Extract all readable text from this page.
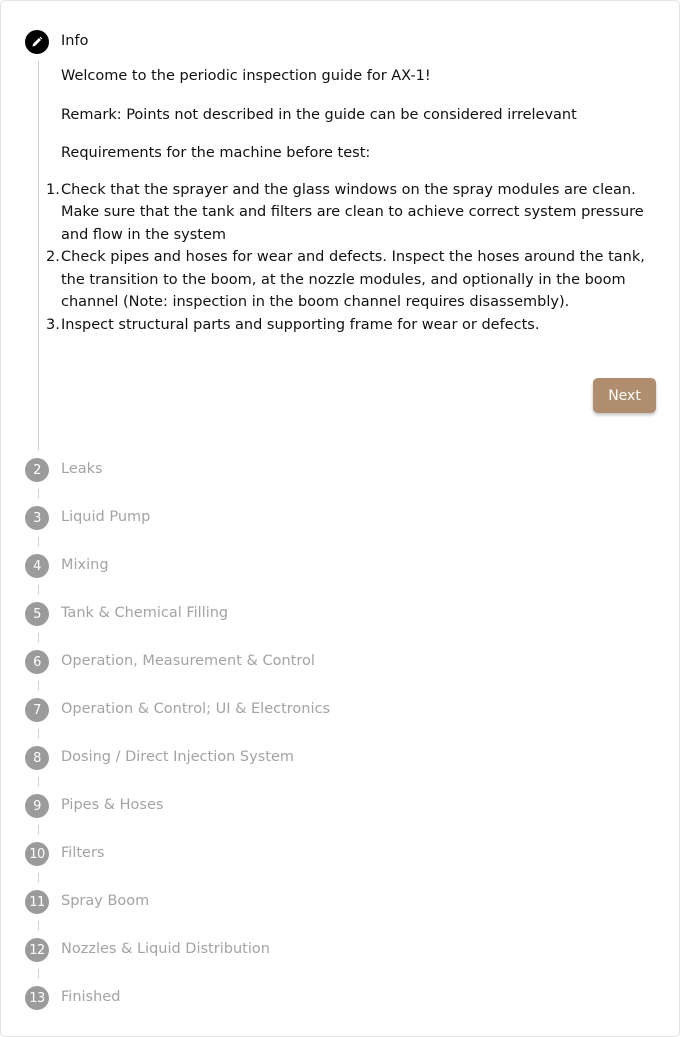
Info

Welcome to the periodic inspection guide for AX-1!

Remark: Points not described in the guide can be considered irrelevant

Requirements for the machine before test:

Check that the sprayer and the glass windows on the spray modules are clean. Make sure that the tank and filters are clean to achieve correct system pressure and flow in the system
Check pipes and hoses for wear and defects. Inspect the hoses around the tank, the transition to the boom, at the nozzle modules, and optionally in the boom channel (Note: inspection in the boom channel requires disassembly).
Inspect structural parts and supporting frame for wear or defects.
Next
2	Leaks
3	Liquid Pump
4	Mixing
5	Tank & Chemical Filling
6	Operation, Measurement & Control
7	Operation & Control; UI & Electronics
8	Dosing / Direct Injection System
9	Pipes & Hoses
10 Filters
11 Spray Boom
12 Nozzles & Liquid Distribution
13 Finished
